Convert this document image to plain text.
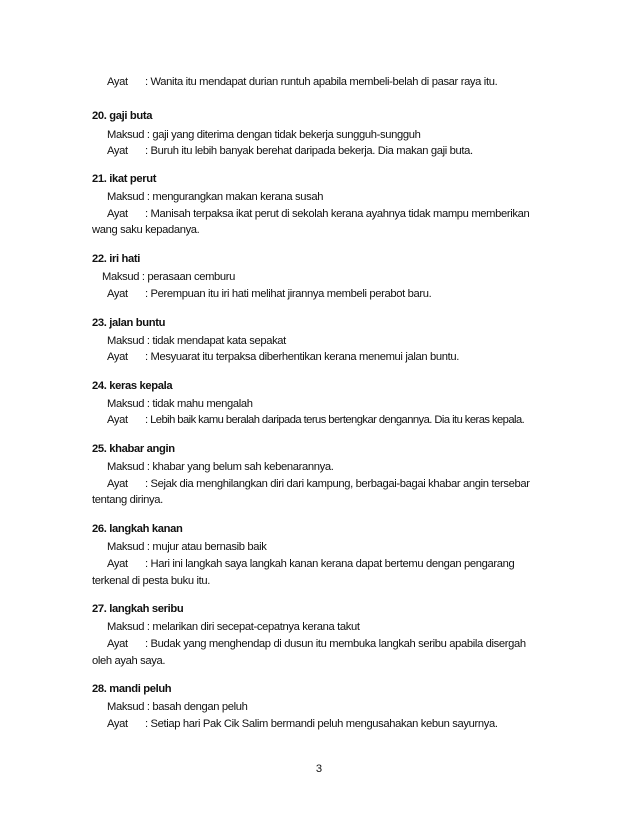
Ayat : Wanita itu mendapat durian runtuh apabila membeli-belah di pasar raya itu.
20. gaji buta
Maksud : gaji yang diterima dengan tidak bekerja sungguh-sungguh
Ayat : Buruh itu lebih banyak berehat daripada bekerja. Dia makan gaji buta.
21. ikat perut
Maksud : mengurangkan makan kerana susah
Ayat : Manisah terpaksa ikat perut di sekolah kerana ayahnya tidak mampu memberikan
wang saku kepadanya.
22. iri hati
Maksud : perasaan cemburu
Ayat : Perempuan itu iri hati melihat jirannya membeli perabot baru.
23. jalan buntu
Maksud : tidak mendapat kata sepakat
Ayat : Mesyuarat itu terpaksa diberhentikan kerana menemui jalan buntu.
24. keras kepala
Maksud : tidak mahu mengalah
Ayat : Lebih baik kamu beralah daripada terus bertengkar dengannya. Dia itu keras kepala.
25. khabar angin
Maksud : khabar yang belum sah kebenarannya.
Ayat : Sejak dia menghilangkan diri dari kampung, berbagai-bagai khabar angin tersebar
tentang dirinya.
26. langkah kanan
Maksud : mujur atau bernasib baik
Ayat : Hari ini langkah saya langkah kanan kerana dapat bertemu dengan pengarang
terkenal di pesta buku itu.
27. langkah seribu
Maksud : melarikan diri secepat-cepatnya kerana takut
Ayat : Budak yang menghendap di dusun itu membuka langkah seribu apabila disergah
oleh ayah saya.
28. mandi peluh
Maksud : basah dengan peluh
Ayat : Setiap hari Pak Cik Salim bermandi peluh mengusahakan kebun sayurnya.
3
